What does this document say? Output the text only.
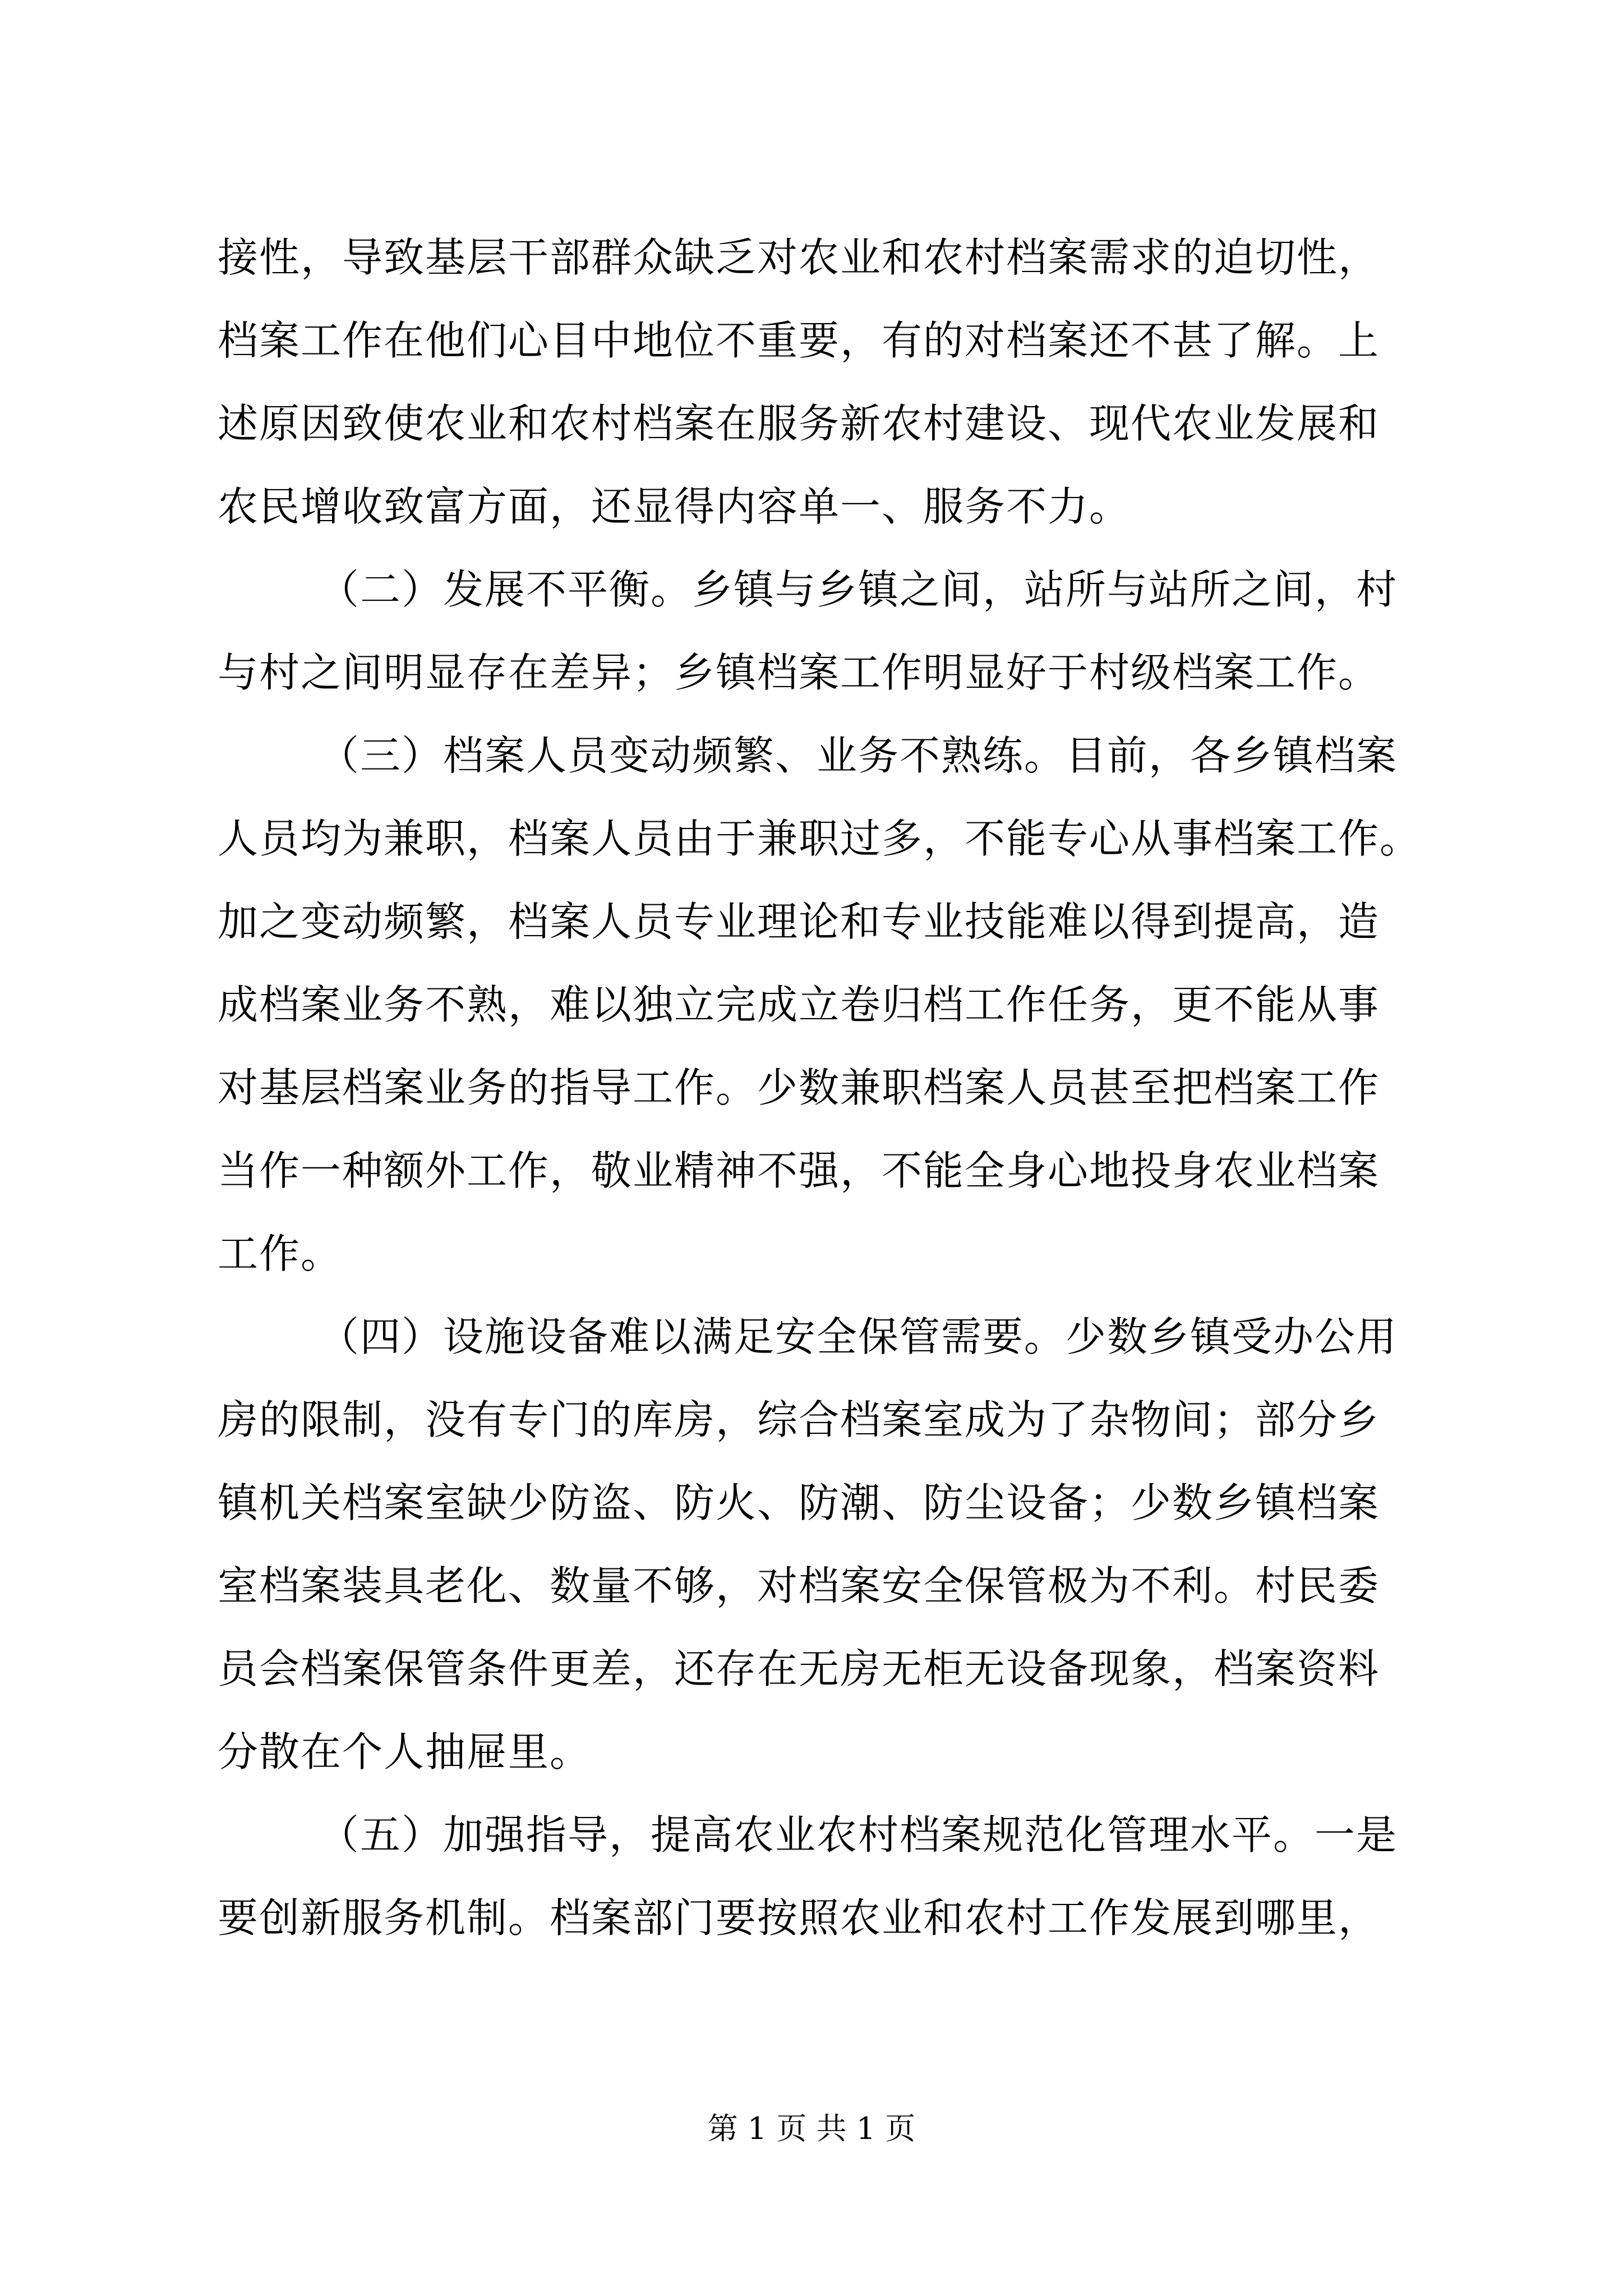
接性，导致基层干部群众缺乏对农业和农村档案需求的迫切性，

档案工作在他们心目中地位不重要，有的对档案还不甚了解。上

述原因致使农业和农村档案在服务新农村建设、现代农业发展和

农民增收致富方面，还显得内容单一、服务不力。

（二）发展不平衡。乡镇与乡镇之间，站所与站所之间，村

与村之间明显存在差异；乡镇档案工作明显好于村级档案工作。

（三）档案人员变动频繁、业务不熟练。目前，各乡镇档案

人员均为兼职，档案人员由于兼职过多，不能专心从事档案工作。

加之变动频繁，档案人员专业理论和专业技能难以得到提高，造

成档案业务不熟，难以独立完成立卷归档工作任务，更不能从事

对基层档案业务的指导工作。少数兼职档案人员甚至把档案工作

当作一种额外工作，敬业精神不强，不能全身心地投身农业档案

工作。

（四）设施设备难以满足安全保管需要。少数乡镇受办公用

房的限制，没有专门的库房，综合档案室成为了杂物间；部分乡

镇机关档案室缺少防盗、防火、防潮、防尘设备；少数乡镇档案

室档案装具老化、数量不够，对档案安全保管极为不利。村民委

员会档案保管条件更差，还存在无房无柜无设备现象，档案资料

分散在个人抽屉里。

（五）加强指导，提高农业农村档案规范化管理水平。一是

要创新服务机制。档案部门要按照农业和农村工作发展到哪里，

第 1 页 共 1 页
